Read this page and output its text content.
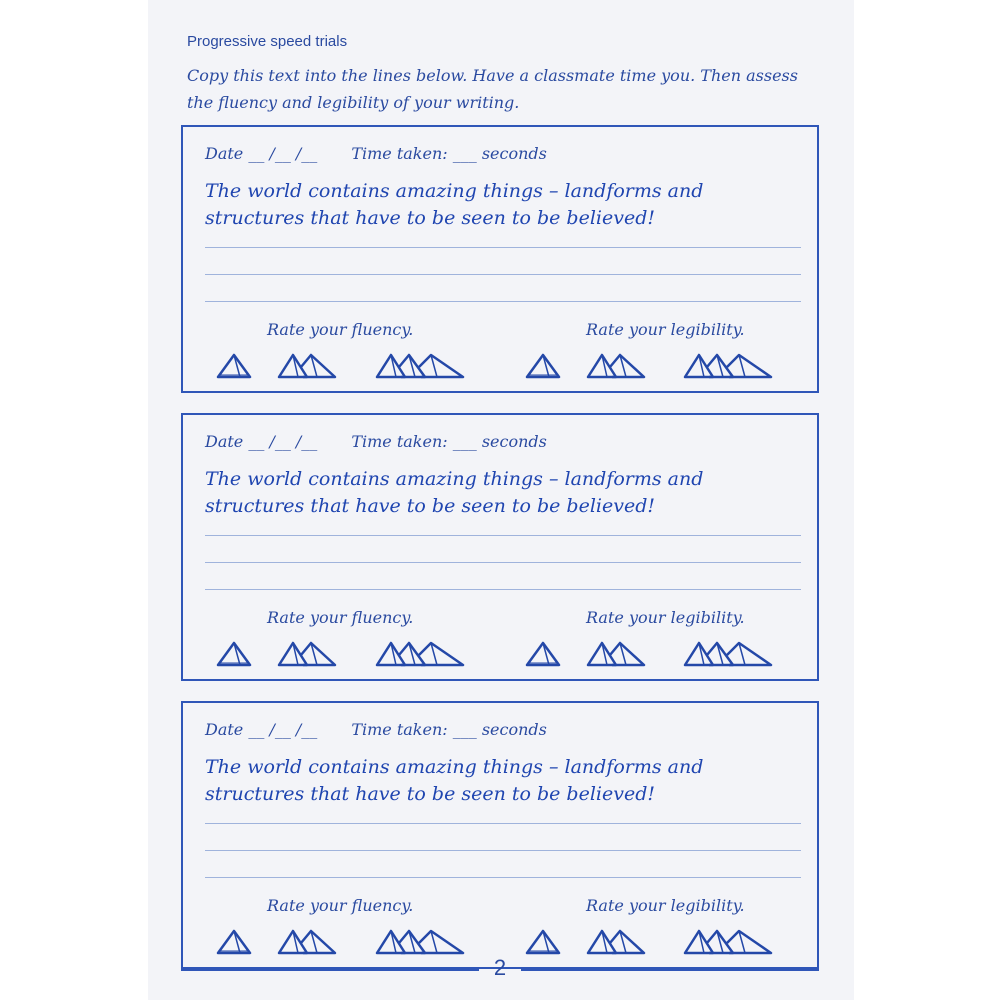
Progressive speed trials
Copy this text into the lines below. Have a classmate time you. Then assess the fluency and legibility of your writing.
Date __ /__ /__ Time taken: ___ seconds
The world contains amazing things – landforms and
structures that have to be seen to be believed!
Rate your fluency.	Rate your legibility.
Date __ /__ /__ Time taken: ___ seconds
The world contains amazing things – landforms and
structures that have to be seen to be believed!
Rate your fluency.	Rate your legibility.
Date __ /__ /__ Time taken: ___ seconds
The world contains amazing things – landforms and
structures that have to be seen to be believed!
Rate your fluency.	Rate your legibility.
2
